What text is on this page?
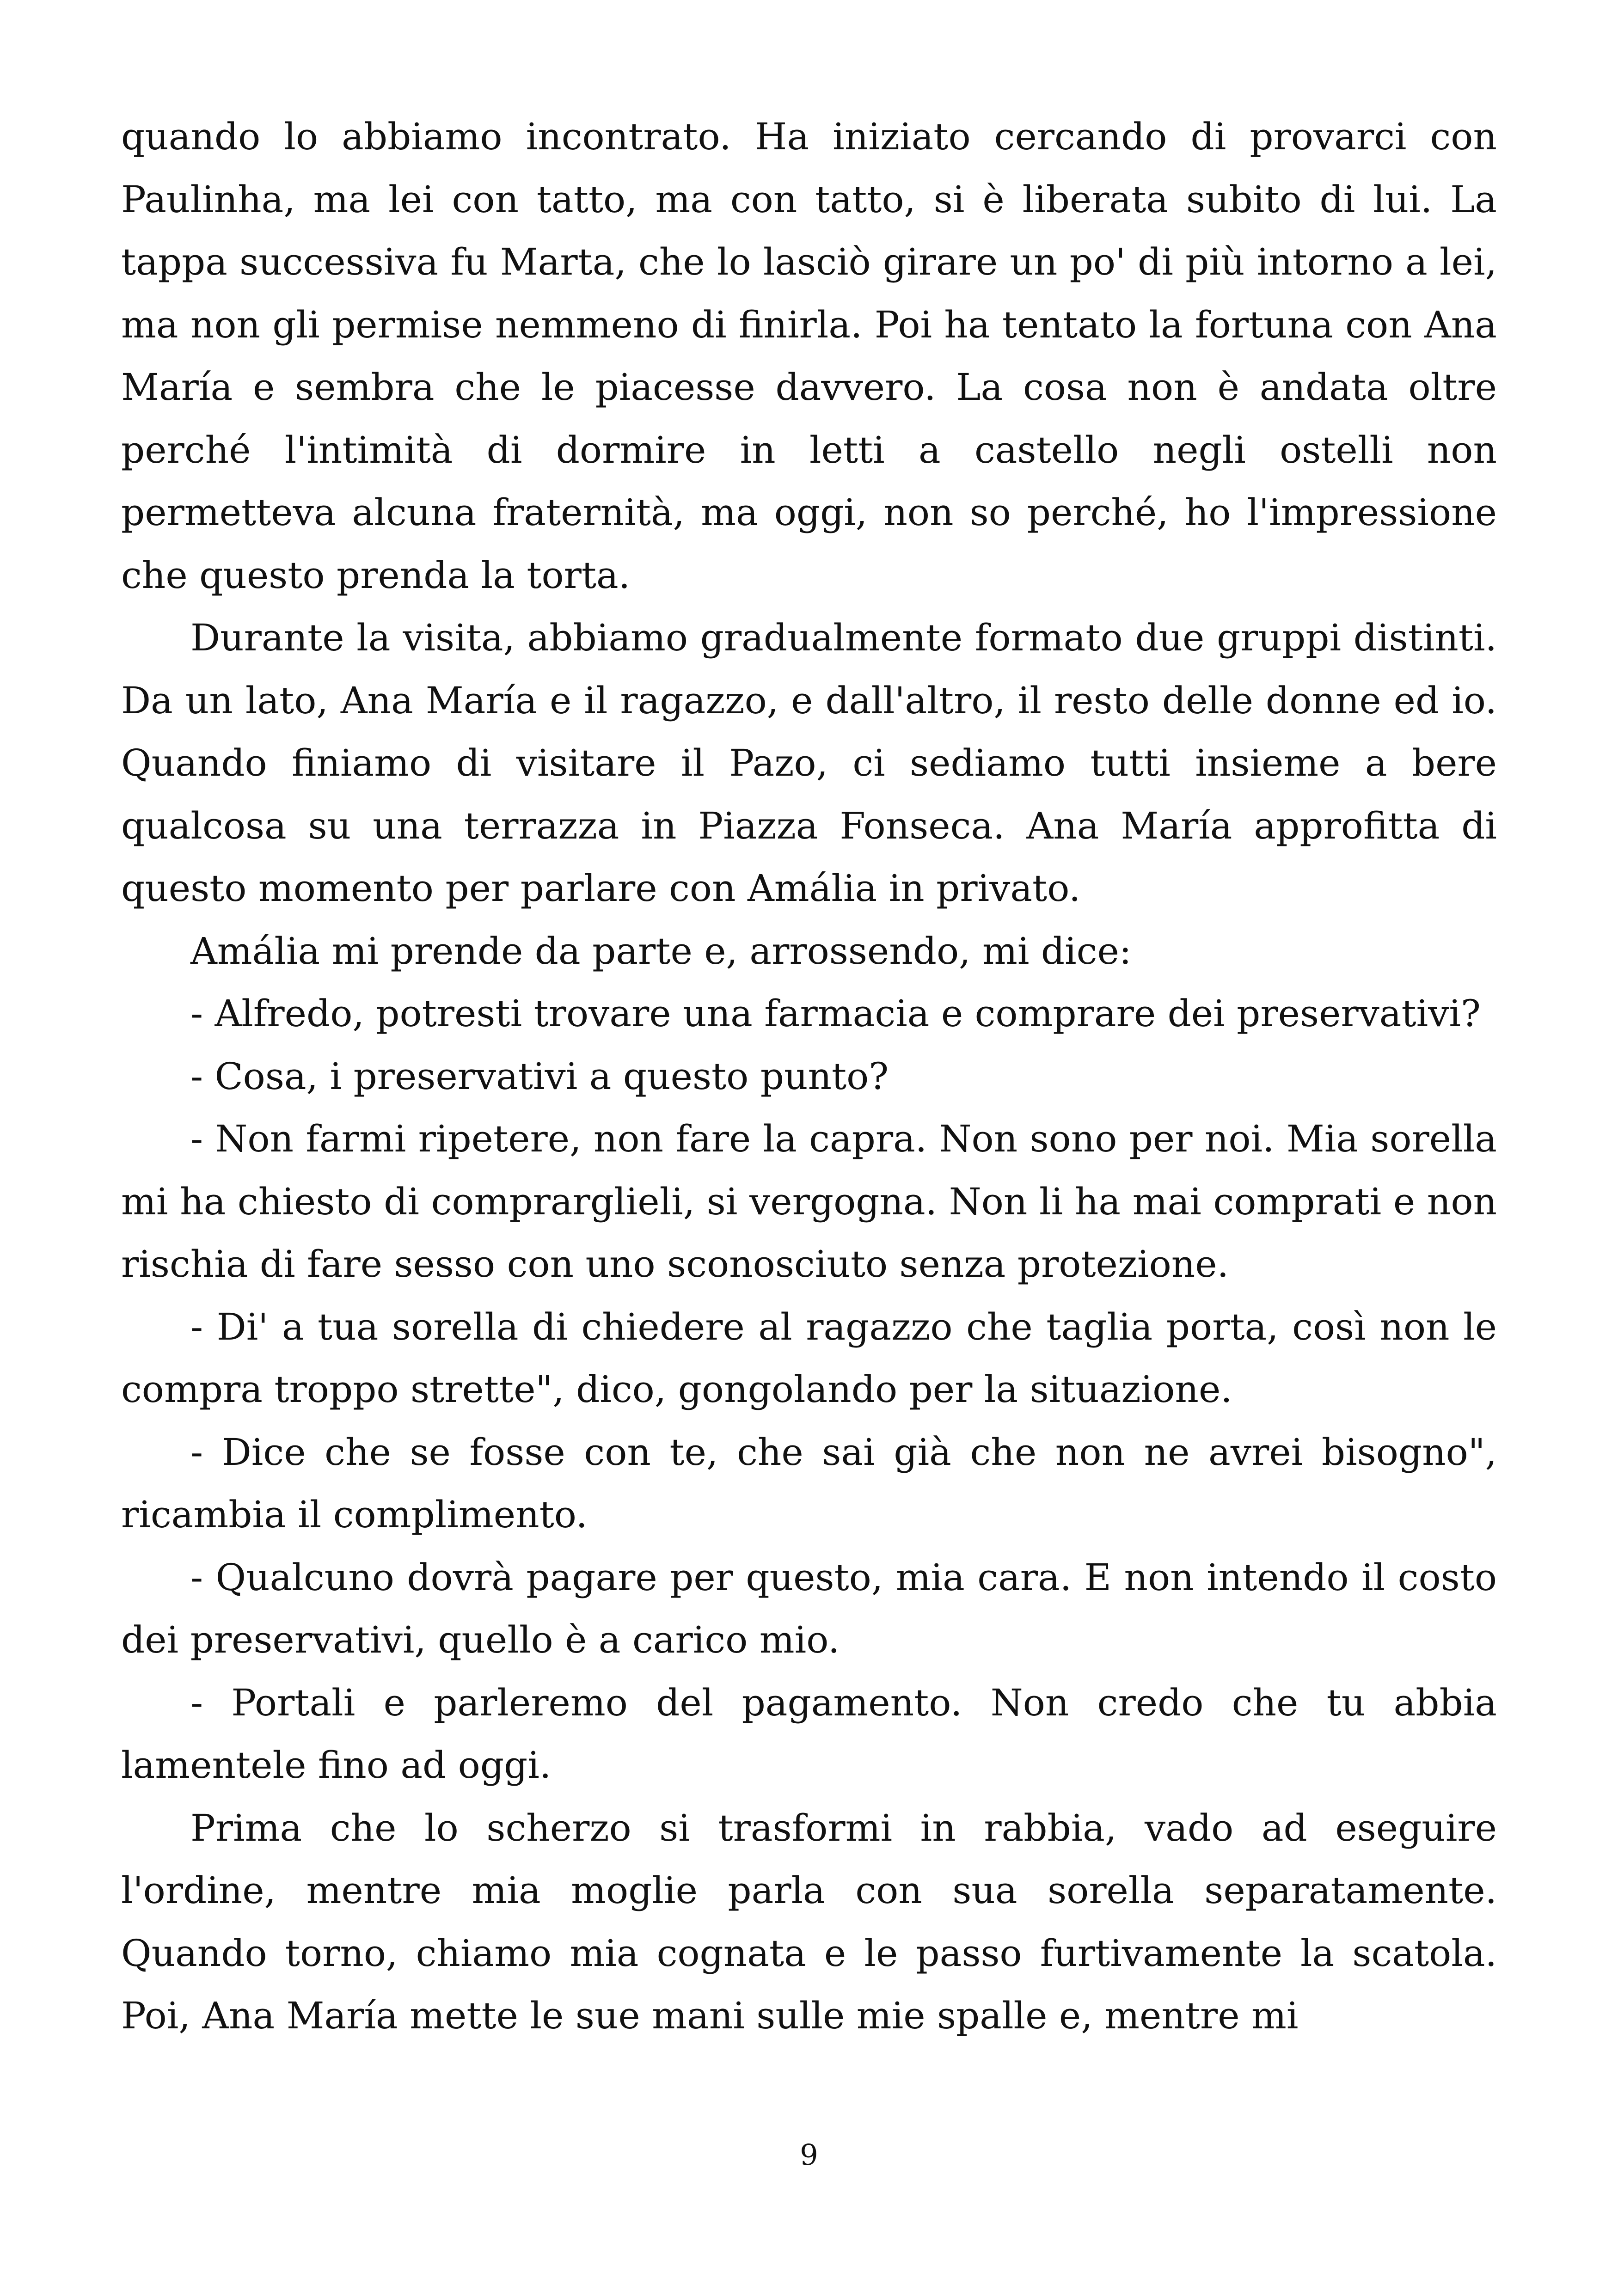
quando lo abbiamo incontrato. Ha iniziato cercando di provarci con Paulinha, ma lei con tatto, ma con tatto, si è liberata subito di lui. La tappa successiva fu Marta, che lo lasciò girare un po' di più intorno a lei, ma non gli permise nemmeno di finirla. Poi ha tentato la fortuna con Ana María e sembra che le piacesse davvero. La cosa non è andata oltre perché l'intimità di dormire in letti a castello negli ostelli non permetteva alcuna fraternità, ma oggi, non so perché, ho l'impressione che questo prenda la torta.

Durante la visita, abbiamo gradualmente formato due gruppi distinti. Da un lato, Ana María e il ragazzo, e dall'altro, il resto delle donne ed io. Quando finiamo di visitare il Pazo, ci sediamo tutti insieme a bere qualcosa su una terrazza in Piazza Fonseca. Ana María approfitta di questo momento per parlare con Amália in privato.

Amália mi prende da parte e, arrossendo, mi dice:

- Alfredo, potresti trovare una farmacia e comprare dei preservativi?

- Cosa, i preservativi a questo punto?

- Non farmi ripetere, non fare la capra. Non sono per noi. Mia sorella mi ha chiesto di comprarglieli, si vergogna. Non li ha mai comprati e non rischia di fare sesso con uno sconosciuto senza protezione.

- Di' a tua sorella di chiedere al ragazzo che taglia porta, così non le compra troppo strette", dico, gongolando per la situazione.

- Dice che se fosse con te, che sai già che non ne avrei bisogno", ricambia il complimento.

- Qualcuno dovrà pagare per questo, mia cara. E non intendo il costo dei preservativi, quello è a carico mio.

- Portali e parleremo del pagamento. Non credo che tu abbia lamentele fino ad oggi.

Prima che lo scherzo si trasformi in rabbia, vado ad eseguire l'ordine, mentre mia moglie parla con sua sorella separatamente. Quando torno, chiamo mia cognata e le passo furtivamente la scatola. Poi, Ana María mette le sue mani sulle mie spalle e, mentre mi

9
